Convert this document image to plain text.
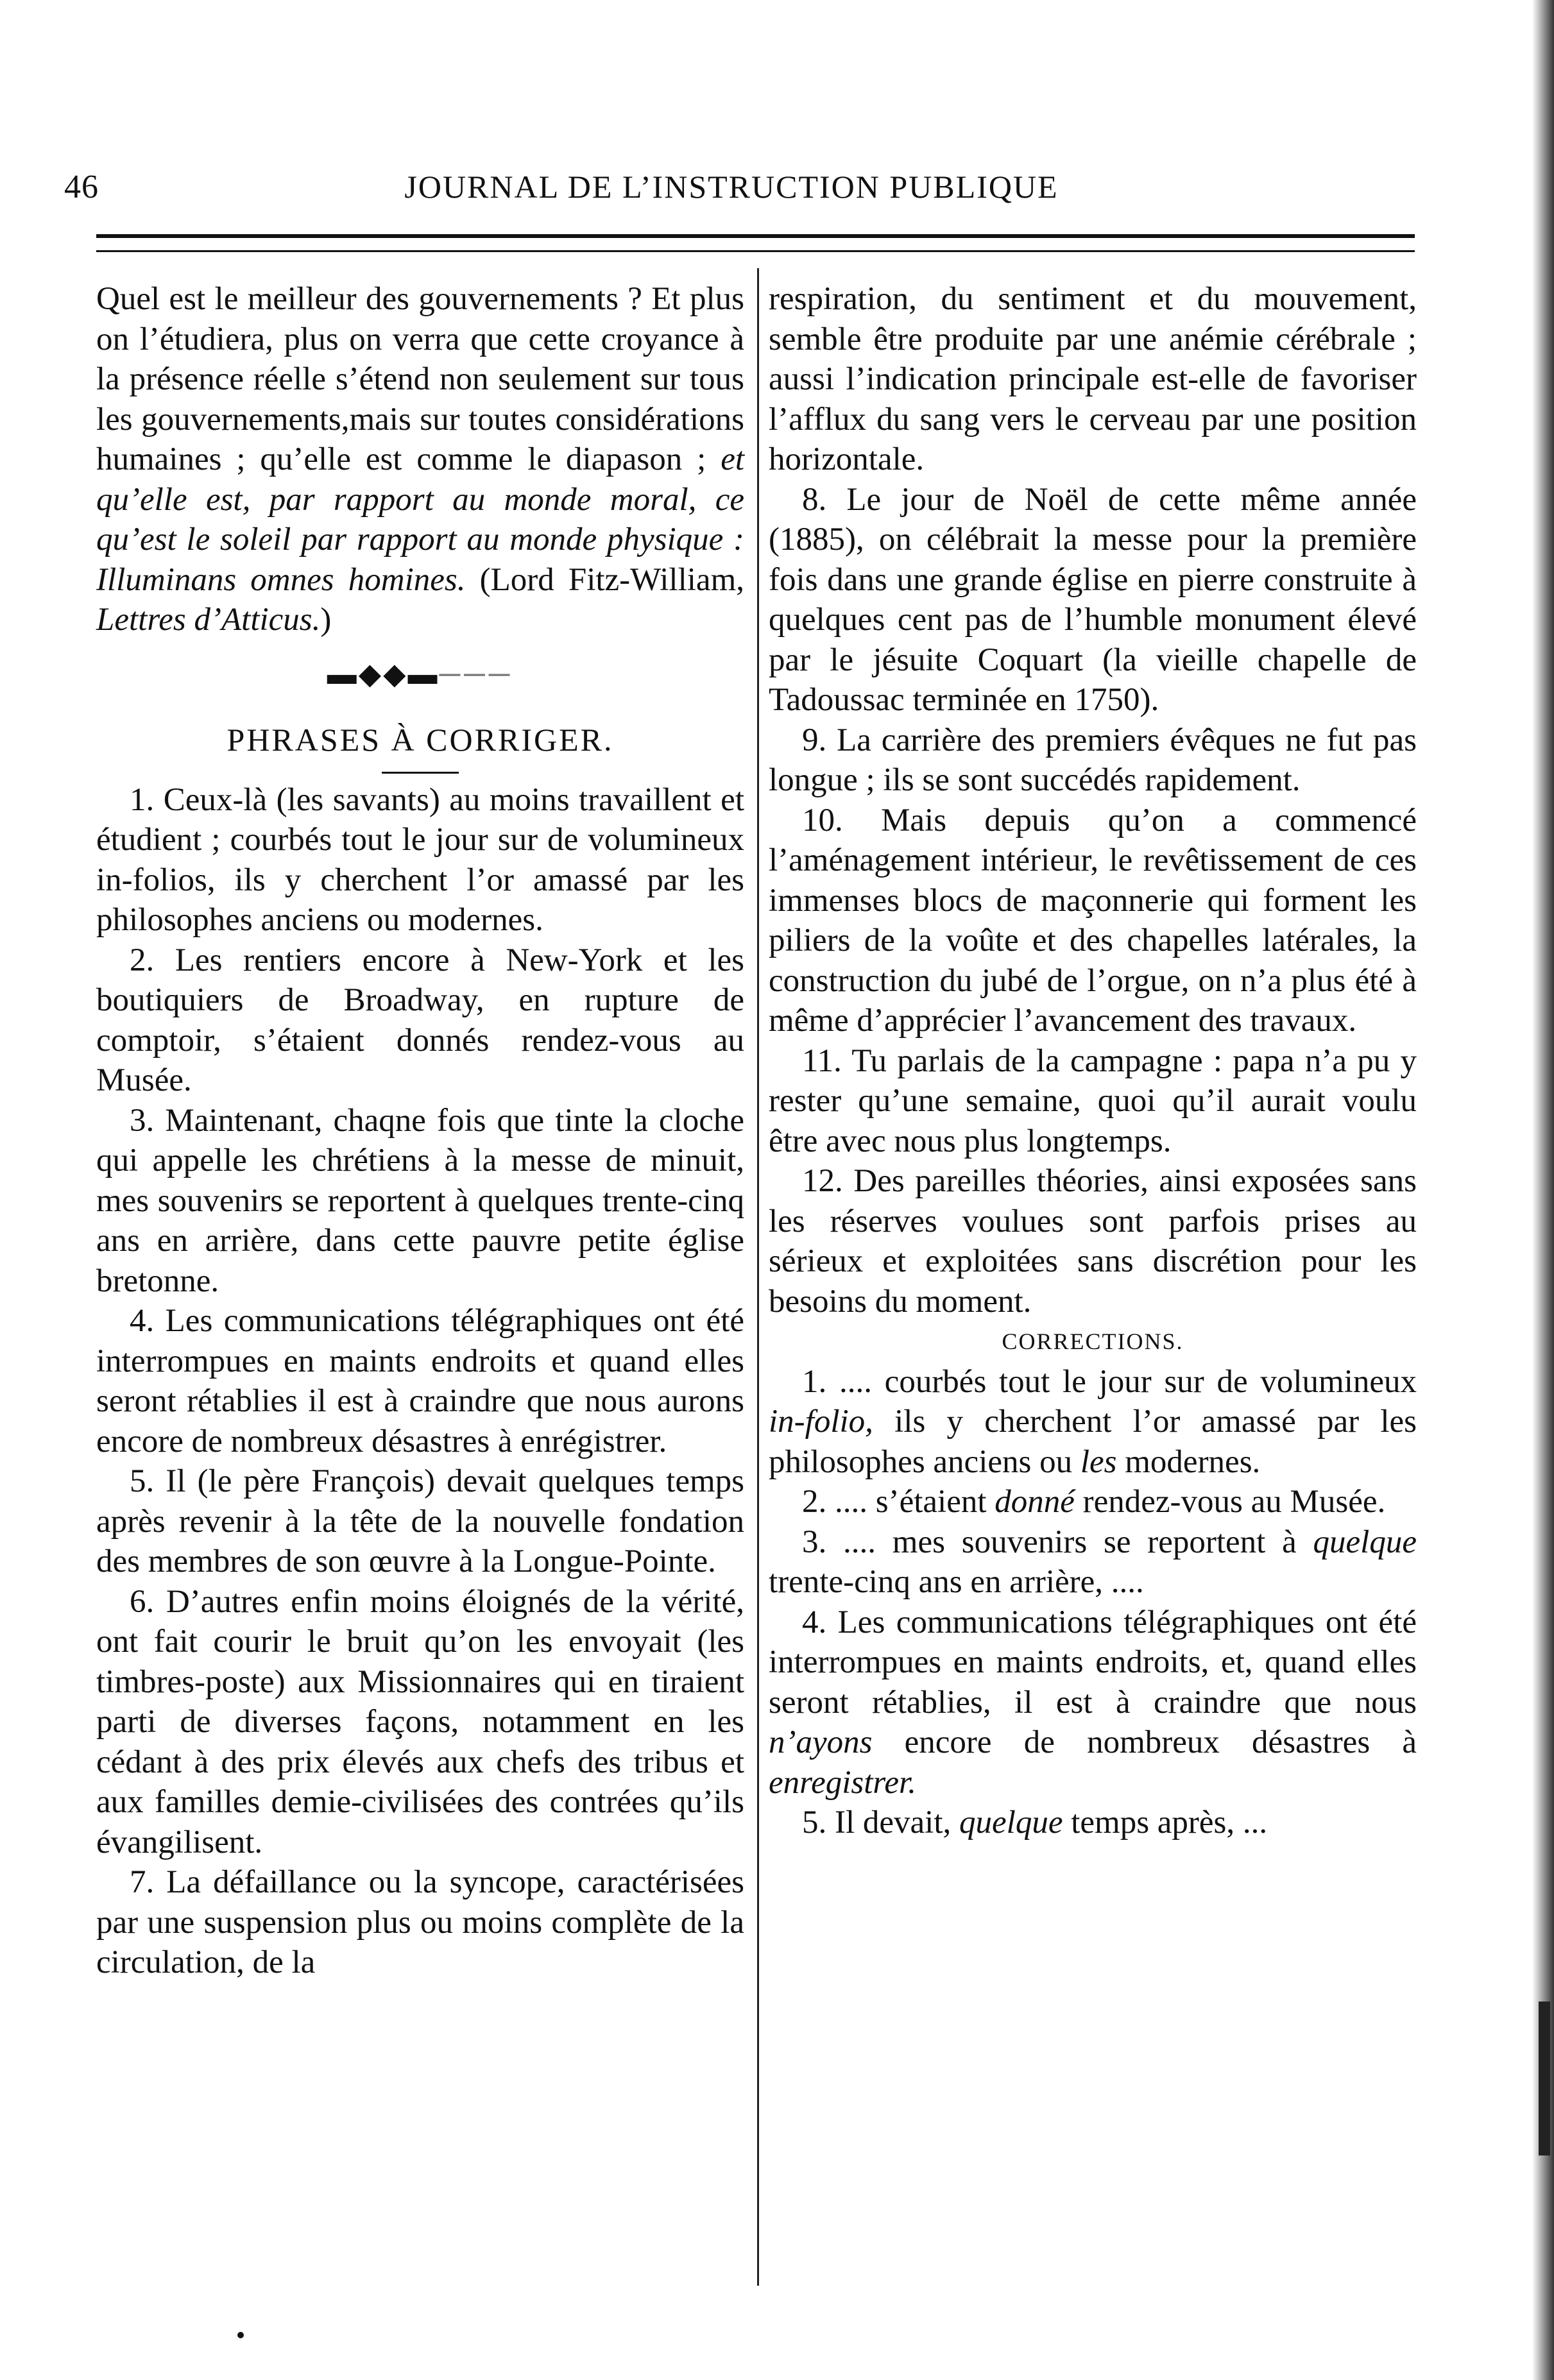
46	JOURNAL DE L’INSTRUCTION PUBLIQUE

Quel est le meilleur des gouvernements ? Et plus on l’étudiera, plus on verra que cette croyance à la présence réelle s’étend non seulement sur tous les gouvernements,mais sur toutes considérations humaines ; qu’elle est comme le diapason ; et qu’elle est, par rapport au monde moral, ce qu’est le soleil par rapport au monde physique : Illuminans omnes homines. (Lord Fitz-William, Lettres d’Atticus.)

▬◆◆▬───

PHRASES À CORRIGER.

1. Ceux-là (les savants) au moins travaillent et étudient ; courbés tout le jour sur de volumineux in-folios, ils y cherchent l’or amassé par les philosophes anciens ou modernes.

2. Les rentiers encore à New-York et les boutiquiers de Broadway, en rupture de comptoir, s’étaient donnés rendez-vous au Musée.

3. Maintenant, chaqne fois que tinte la cloche qui appelle les chrétiens à la messe de minuit, mes souvenirs se reportent à quelques trente-cinq ans en arrière, dans cette pauvre petite église bretonne.

4. Les communications télégraphiques ont été interrompues en maints endroits et quand elles seront rétablies il est à craindre que nous aurons encore de nombreux désastres à enrégistrer.

5. Il (le père François) devait quelques temps après revenir à la tête de la nouvelle fondation des membres de son œuvre à la Longue-Pointe.

6. D’autres enfin moins éloignés de la vérité, ont fait courir le bruit qu’on les envoyait (les timbres-poste) aux Missionnaires qui en tiraient parti de diverses façons, notamment en les cédant à des prix élevés aux chefs des tribus et aux familles demie-civilisées des contrées qu’ils évangilisent.

7. La défaillance ou la syncope, caractérisées par une suspension plus ou moins complète de la circulation, de la

respiration, du sentiment et du mouvement, semble être produite par une anémie cérébrale ; aussi l’indication principale est-elle de favoriser l’afflux du sang vers le cerveau par une position horizontale.

8. Le jour de Noël de cette même année (1885), on célébrait la messe pour la première fois dans une grande église en pierre construite à quelques cent pas de l’humble monument élevé par le jésuite Coquart (la vieille chapelle de Tadoussac terminée en 1750).

9. La carrière des premiers évêques ne fut pas longue ; ils se sont succédés rapidement.

10. Mais depuis qu’on a commencé l’aménagement intérieur, le revêtissement de ces immenses blocs de maçonnerie qui forment les piliers de la voûte et des chapelles latérales, la construction du jubé de l’orgue, on n’a plus été à même d’apprécier l’avancement des travaux.

11. Tu parlais de la campagne : papa n’a pu y rester qu’une semaine, quoi qu’il aurait voulu être avec nous plus longtemps.

12. Des pareilles théories, ainsi exposées sans les réserves voulues sont parfois prises au sérieux et exploitées sans discrétion pour les besoins du moment.

CORRECTIONS.

1. .... courbés tout le jour sur de volumineux in-folio, ils y cherchent l’or amassé par les philosophes anciens ou les modernes.

2. .... s’étaient donné rendez-vous au Musée.

3. .... mes souvenirs se reportent à quelque trente-cinq ans en arrière, ....

4. Les communications télégraphiques ont été interrompues en maints endroits, et, quand elles seront rétablies, il est à craindre que nous n’ayons encore de nombreux désastres à enregistrer.

5. Il devait, quelque temps après, ...
